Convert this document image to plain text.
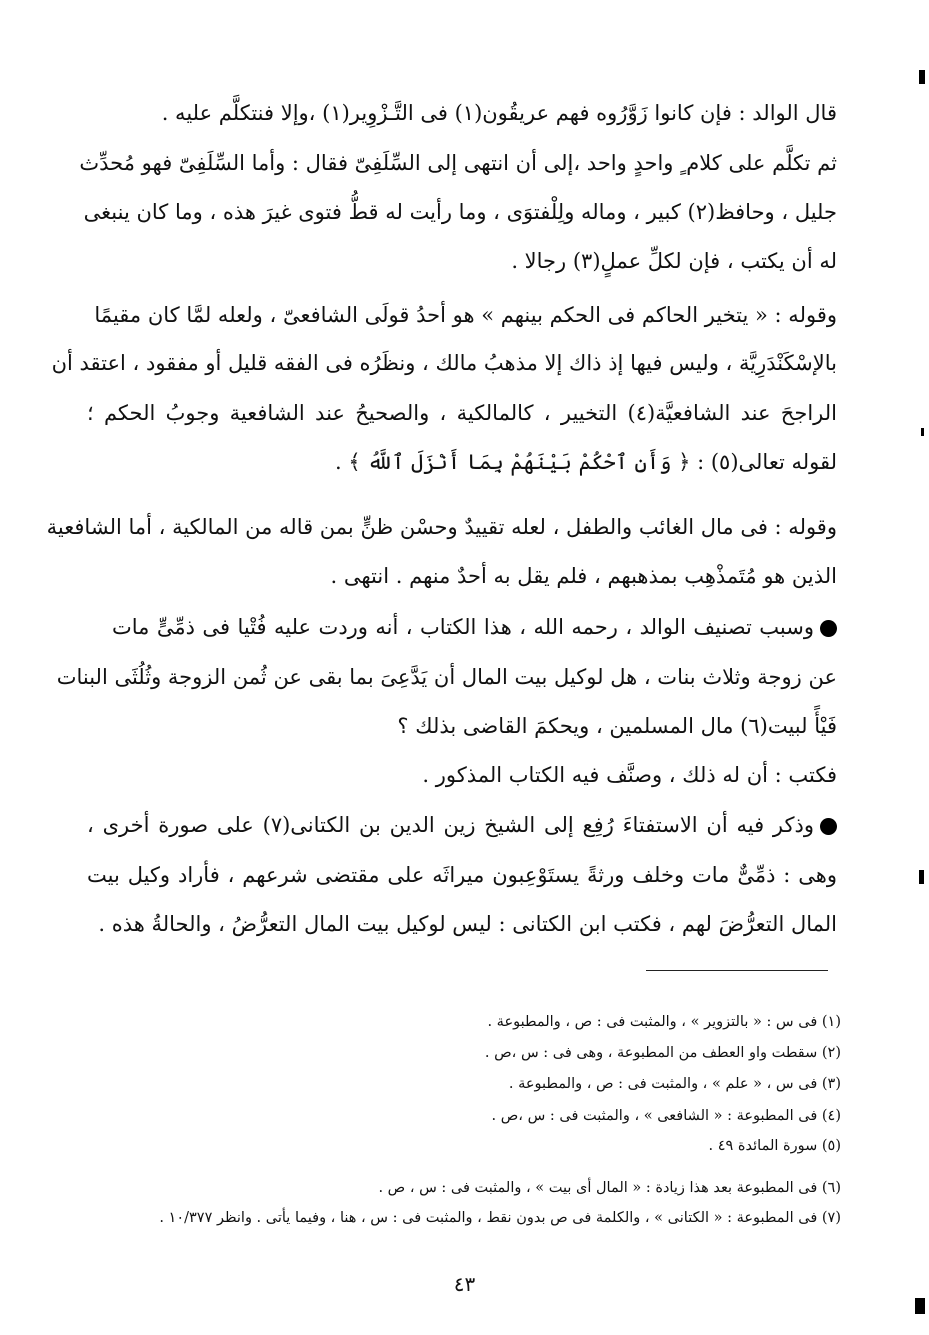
قال الوالد : فإن كانوا زَوَّرُوه فهم عريقُون(١) فى التَّـزْوِير(١) ،وإلا فنتكلَّم عليه .
ثم تكلَّم على كلام ٍ واحدٍ واحد ،إلى أن انتهى إلى السِّلَفِىّ فقال : وأما السِّلَفِىّ فهو مُحدِّث
جليل ، وحافظ(٢) كبير ، وماله ولِلْفتوَى ، وما رأيت له قطُّ فتوى غيرَ هذه ، وما كان ينبغى
له أن يكتب ، فإن لكلِّ عملٍ(٣) رجالا .
وقوله : « يتخير الحاكم فى الحكم بينهم » هو أحدُ قولَى الشافعىّ ، ولعله لمَّا كان مقيمًا
بالإسْكَنْدَرِيَّة ، وليس فيها إذ ذاك إلا مذهبُ مالك ، ونظَرُه فى الفقه قليل أو مفقود ، اعتقد أن
الراجحَ عند الشافعيَّة(٤) التخيير ، كالمالكية ، والصحيحُ عند الشافعية وجوبُ الحكم ؛
لقوله تعالى(٥) : ﴿ وَأَنِ ٱحْكُمْ بَيْنَهُمْ بِمَا أَنْزَلَ ٱللَّهُ ﴾ .
وقوله : فى مال الغائب والطفل ، لعله تقييدٌ وحسْن ظنٍّ بمن قاله من المالكية ، أما الشافعية
الذين هو مُتَمذْهِب بمذهبهم ، فلم يقل به أحدٌ منهم . انتهى .
وسبب تصنيف الوالد ، رحمه الله ، هذا الكتاب ، أنه وردت عليه فُتْيا فى ذمِّىٍّ مات
عن زوجة وثلاث بنات ، هل لوكيل بيت المال أن يَدَّعِىَ بما بقى عن ثُمن الزوجة وثُلُثَى البنات
فَيْأً لبيت(٦) مال المسلمين ، ويحكمَ القاضى بذلك ؟
فكتب : أن له ذلك ، وصنَّف فيه الكتاب المذكور .
وذكر فيه أن الاستفتاءَ رُفِع إلى الشيخ زين الدين بن الكتانى(٧) على صورة أخرى ،
وهى : ذمِّىٌّ مات وخلف ورثةً يستَوْعِبون ميراثَه على مقتضى شرعهم ، فأراد وكيل بيت
المال التعرُّضَ لهم ، فكتب ابن الكتانى : ليس لوكيل بيت المال التعرُّضُ ، والحالةُ هذه .
(١) فى س : « بالتزوير » ، والمثبت فى : ص ، والمطبوعة .
(٢) سقطت واو العطف من المطبوعة ، وهى فى : س ،ص .
(٣) فى س ، « علم » ، والمثبت فى : ص ، والمطبوعة .
(٤) فى المطبوعة : « الشافعى » ، والمثبت فى : س ،ص .
(٥) سورة المائدة ٤٩ .
(٦) فى المطبوعة بعد هذا زيادة : « المال أى بيت » ، والمثبت فى : س ، ص .
(٧) فى المطبوعة : « الكتانى » ، والكلمة فى ص بدون نقط ، والمثبت فى : س ، هنا ، وفيما يأتى . وانظر ١٠/٣٧٧ .
٤٣
